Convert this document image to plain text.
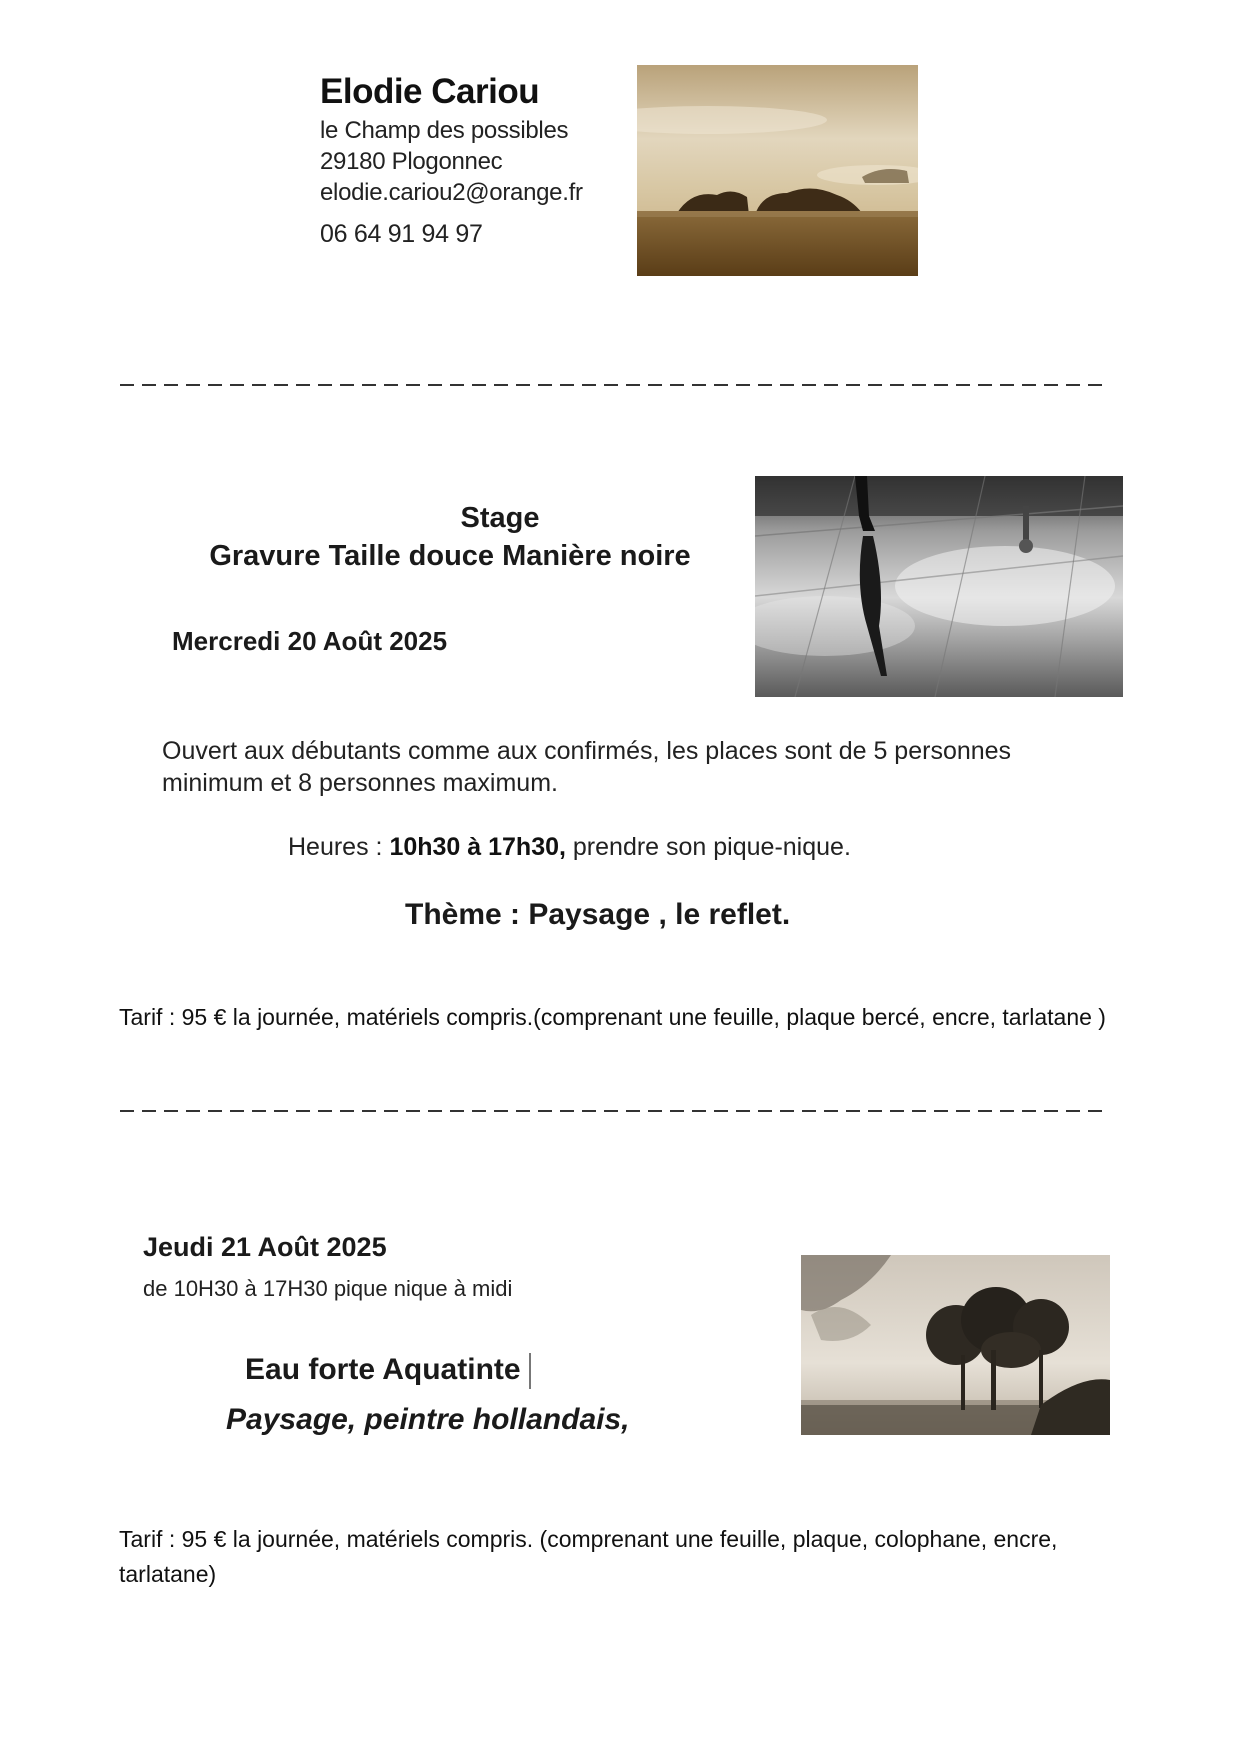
Elodie Cariou
le Champ des possibles
29180 Plogonnec
elodie.cariou2@orange.fr
06 64 91 94 97
Stage
Gravure Taille douce Manière noire
Mercredi 20 Août 2025
Ouvert aux débutants comme aux confirmés, les places sont de 5 personnes minimum et 8 personnes maximum.
Heures : 10h30 à 17h30, prendre son pique-nique.
Thème : Paysage , le reflet.
Tarif : 95 € la journée, matériels compris.(comprenant une feuille, plaque bercé, encre, tarlatane )
Jeudi 21 Août 2025
de 10H30 à 17H30 pique nique à midi
Eau forte Aquatinte
Paysage, peintre hollandais,
Tarif : 95 € la journée, matériels compris. (comprenant une feuille, plaque, colophane, encre, tarlatane)
